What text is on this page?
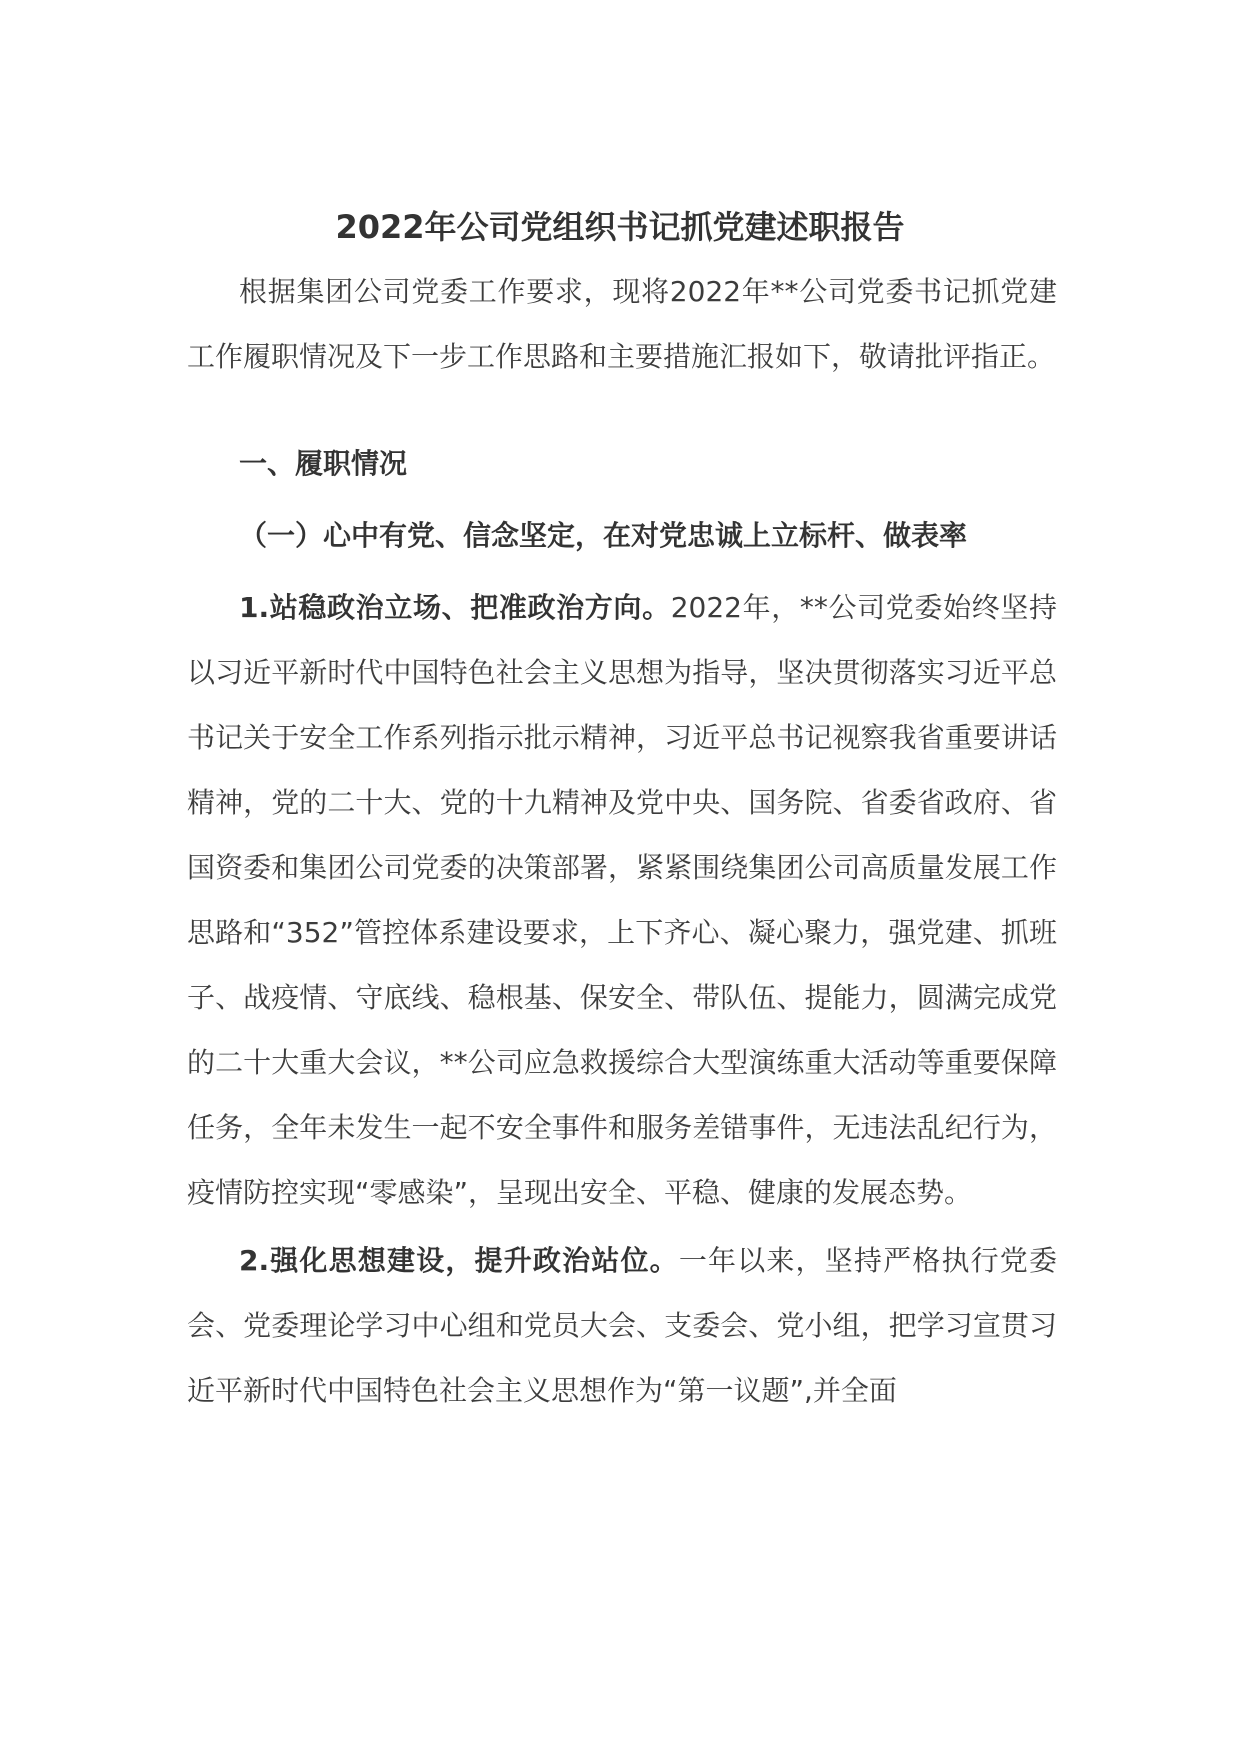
2022年公司党组织书记抓党建述职报告

根据集团公司党委工作要求，现将2022年**公司党委书记抓党建工作履职情况及下一步工作思路和主要措施汇报如下，敬请批评指正。

一、履职情况

（一）心中有党、信念坚定，在对党忠诚上立标杆、做表率

1.站稳政治立场、把准政治方向。2022年，**公司党委始终坚持以习近平新时代中国特色社会主义思想为指导，坚决贯彻落实习近平总书记关于安全工作系列指示批示精神，习近平总书记视察我省重要讲话精神，党的二十大、党的十九精神及党中央、国务院、省委省政府、省国资委和集团公司党委的决策部署，紧紧围绕集团公司高质量发展工作思路和“352”管控体系建设要求，上下齐心、凝心聚力，强党建、抓班子、战疫情、守底线、稳根基、保安全、带队伍、提能力，圆满完成党的二十大重大会议，**公司应急救援综合大型演练重大活动等重要保障任务，全年未发生一起不安全事件和服务差错事件，无违法乱纪行为，疫情防控实现“零感染”，呈现出安全、平稳、健康的发展态势。

2.强化思想建设，提升政治站位。一年以来，坚持严格执行党委会、党委理论学习中心组和党员大会、支委会、党小组，把学习宣贯习近平新时代中国特色社会主义思想作为“第一议题”,并全面
